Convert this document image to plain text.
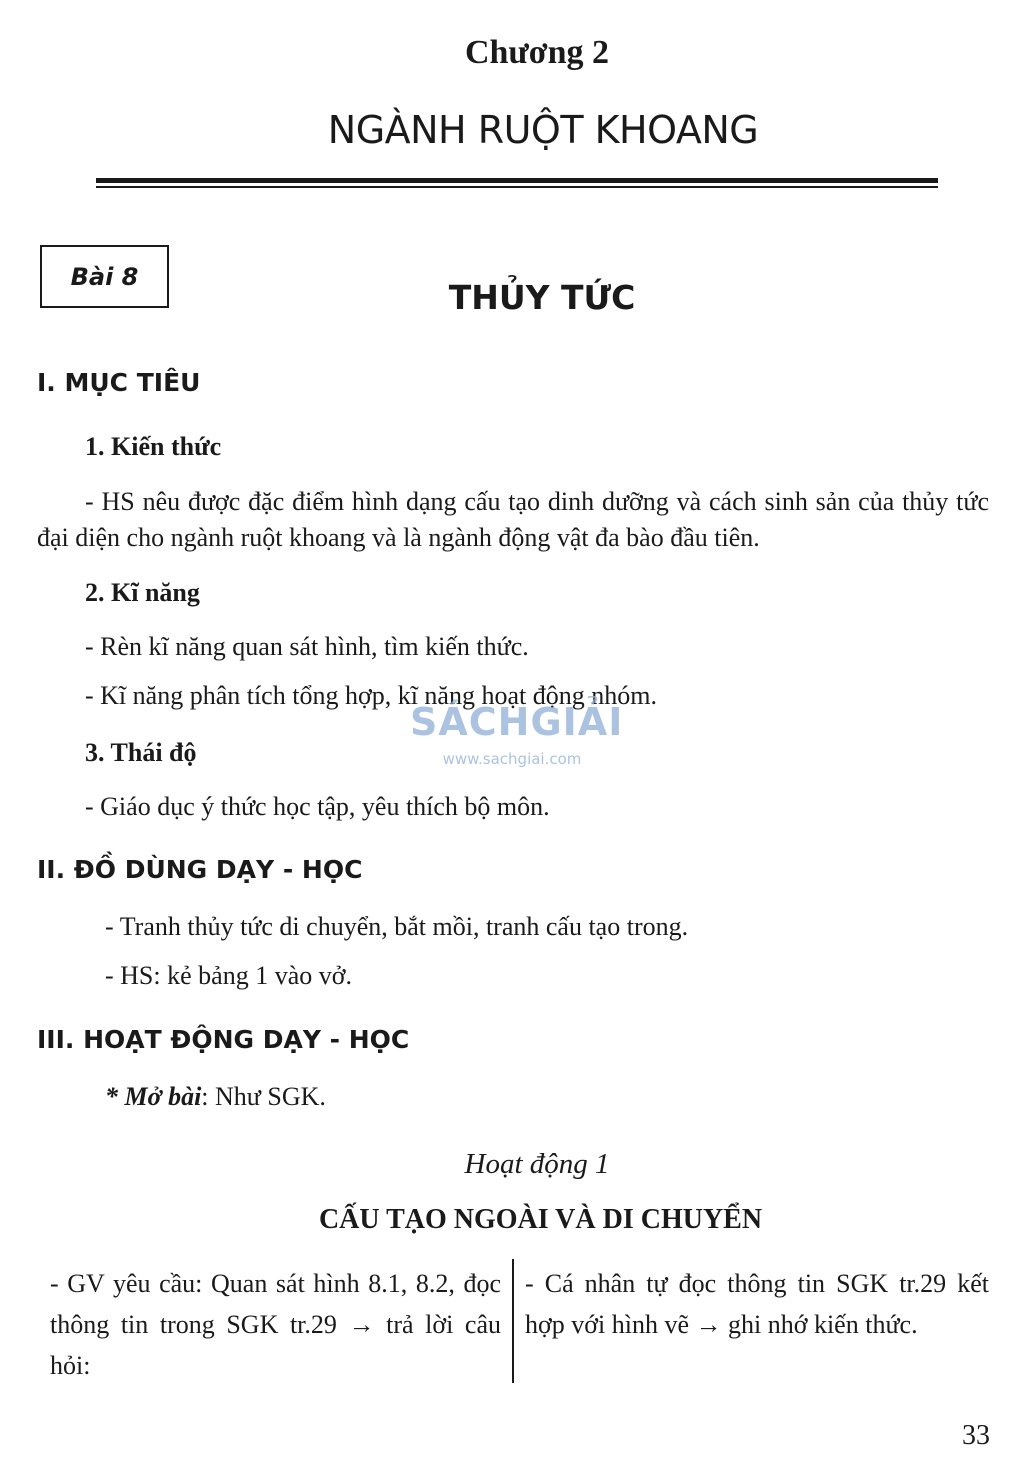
Chương 2
NGÀNH RUỘT KHOANG
Bài 8
THỦY TỨC
I. MỤC TIÊU
1. Kiến thức
- HS nêu được đặc điểm hình dạng cấu tạo dinh dưỡng và cách sinh sản của thủy tức đại diện cho ngành ruột khoang và là ngành động vật đa bào đầu tiên.
2. Kĩ năng
- Rèn kĩ năng quan sát hình, tìm kiến thức.
- Kĩ năng phân tích tổng hợp, kĩ năng hoạt động nhóm.
3. Thái độ
- Giáo dục ý thức học tập, yêu thích bộ môn.
SÁCHGIẢI
www.sachgiai.com
II. ĐỒ DÙNG DẠY - HỌC
- Tranh thủy tức di chuyển, bắt mồi, tranh cấu tạo trong.
- HS: kẻ bảng 1 vào vở.
III. HOẠT ĐỘNG DẠY - HỌC
* Mở bài: Như SGK.
Hoạt động 1
CẤU TẠO NGOÀI VÀ DI CHUYỂN
- GV yêu cầu: Quan sát hình 8.1, 8.2, đọc thông tin trong SGK tr.29 → trả lời câu hỏi:
- Cá nhân tự đọc thông tin SGK tr.29 kết hợp với hình vẽ → ghi nhớ kiến thức.
33
